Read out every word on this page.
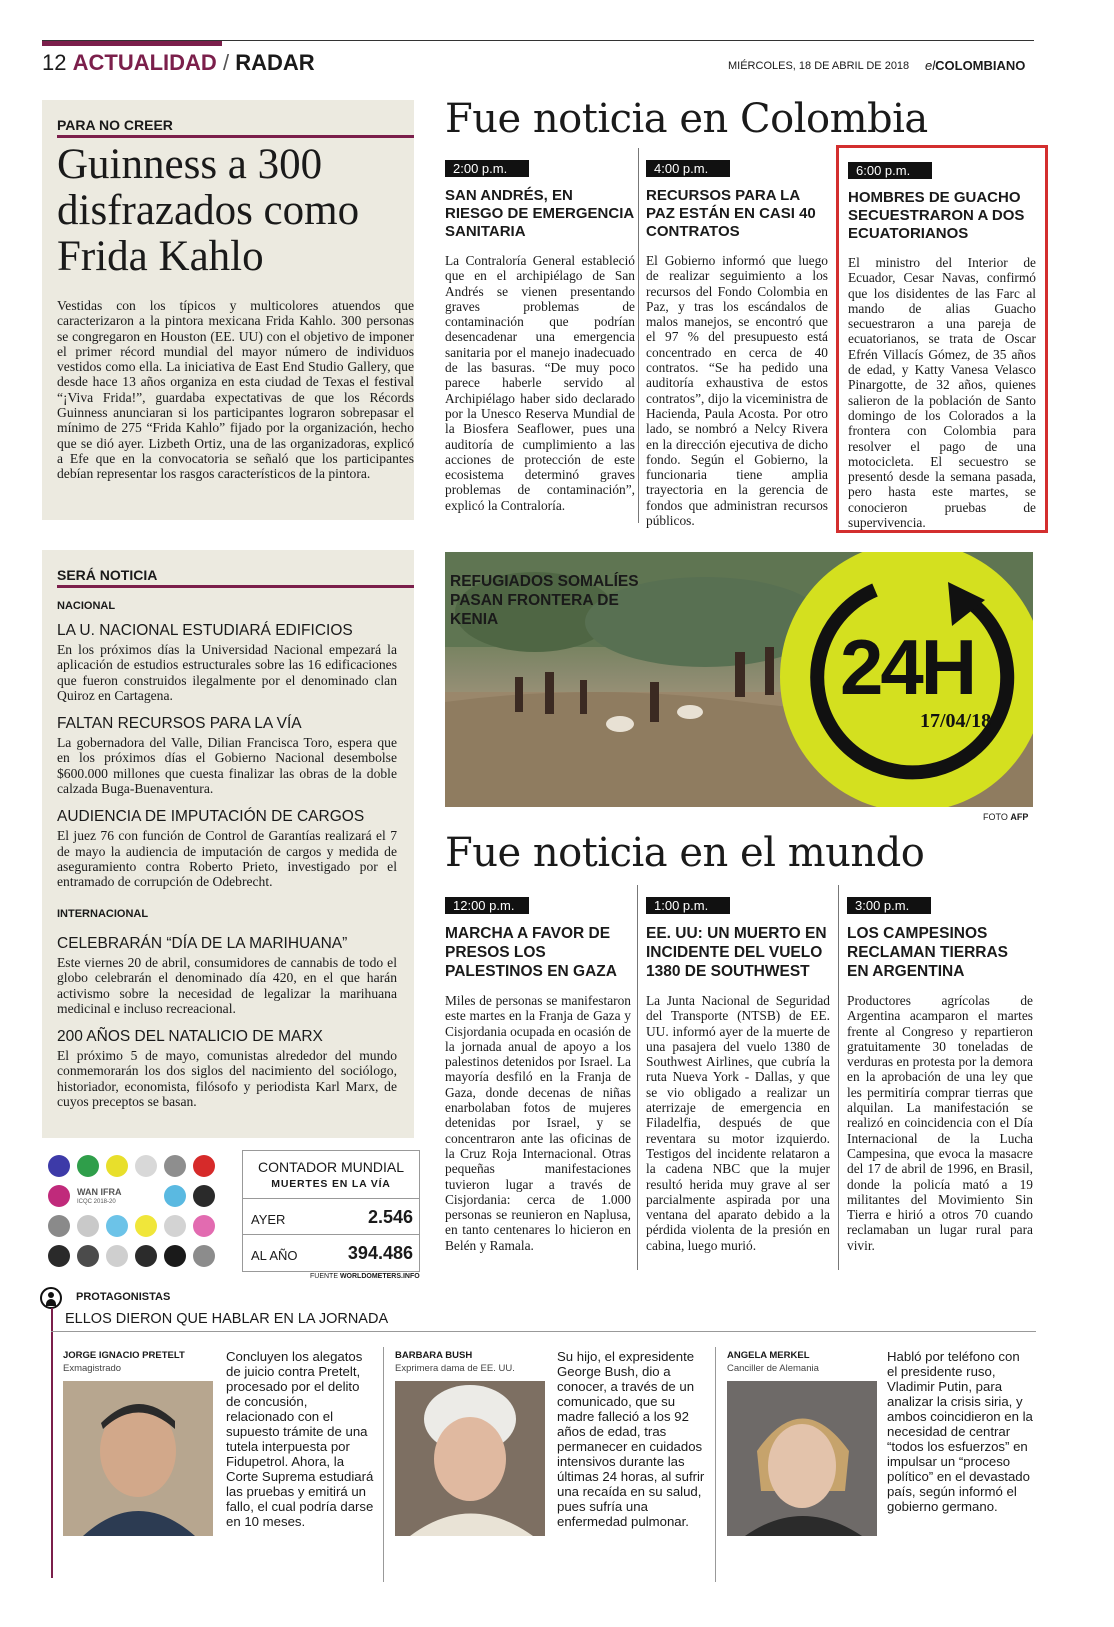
12 ACTUALIDAD / RADAR	MIÉRCOLES, 18 DE ABRIL DE 2018 elCOLOMBIANO
PARA NO CREER
Guinness a 300 disfrazados como Frida Kahlo
Vestidas con los típicos y multicolores atuendos que caracterizaron a la pintora mexicana Frida Kahlo. 300 personas se congregaron en Houston (EE. UU) con el objetivo de imponer el primer récord mundial del mayor número de individuos vestidos como ella. La iniciativa de East End Studio Gallery, que desde hace 13 años organiza en esta ciudad de Texas el festival “¡Viva Frida!”, guardaba expectativas de que los Récords Guinness anunciaran si los participantes lograron sobrepasar el mínimo de 275 “Frida Kahlo” fijado por la organización, hecho que se dió ayer. Lizbeth Ortiz, una de las organizadoras, explicó a Efe que en la convocatoria se señaló que los participantes debían representar los rasgos característicos de la pintora.
Fue noticia en Colombia
2:00 p.m.
SAN ANDRÉS, EN RIESGO DE EMERGENCIA SANITARIA
La Contraloría General estableció que en el archipiélago de San Andrés se vienen presentando graves problemas de contaminación que podrían desencadenar una emergencia sanitaria por el manejo inadecuado de las basuras. “De muy poco parece haberle servido al Archipiélago haber sido declarado por la Unesco Reserva Mundial de la Biosfera Seaflower, pues una auditoría de cumplimiento a las acciones de protección de este ecosistema determinó graves problemas de contaminación”, explicó la Contraloría.
4:00 p.m.
RECURSOS PARA LA PAZ ESTÁN EN CASI 40 CONTRATOS
El Gobierno informó que luego de realizar seguimiento a los recursos del Fondo Colombia en Paz, y tras los escándalos de malos manejos, se encontró que el 97 % del presupuesto está concentrado en cerca de 40 contratos. “Se ha pedido una auditoría exhaustiva de estos contratos”, dijo la viceministra de Hacienda, Paula Acosta. Por otro lado, se nombró a Nelcy Rivera en la dirección ejecutiva de dicho fondo. Según el Gobierno, la funcionaria tiene amplia trayectoria en la gerencia de fondos que administran recursos públicos.
6:00 p.m.
HOMBRES DE GUACHO SECUESTRARON A DOS ECUATORIANOS
El ministro del Interior de Ecuador, Cesar Navas, confirmó que los disidentes de las Farc al mando de alias Guacho secuestraron a una pareja de ecuatorianos, se trata de Oscar Efrén Villacís Gómez, de 35 años de edad, y Katty Vanesa Velasco Pinargotte, de 32 años, quienes salieron de la población de Santo domingo de los Colorados a la frontera con Colombia para resolver el pago de una motocicleta. El secuestro se presentó desde la semana pasada, pero hasta este martes, se conocieron pruebas de supervivencia.
SERÁ NOTICIA
NACIONAL
LA U. NACIONAL ESTUDIARÁ EDIFICIOS
En los próximos días la Universidad Nacional empezará la aplicación de estudios estructurales sobre las 16 edificaciones que fueron construidos ilegalmente por el denominado clan Quiroz en Cartagena.
FALTAN RECURSOS PARA LA VÍA
La gobernadora del Valle, Dilian Francisca Toro, espera que en los próximos días el Gobierno Nacional desembolse $600.000 millones que cuesta finalizar las obras de la doble calzada Buga-Buenaventura.
AUDIENCIA DE IMPUTACIÓN DE CARGOS
El juez 76 con función de Control de Garantías realizará el 7 de mayo la audiencia de imputación de cargos y medida de aseguramiento contra Roberto Prieto, investigado por el entramado de corrupción de Odebrecht.
INTERNACIONAL
CELEBRARÁN “DÍA DE LA MARIHUANA”
Este viernes 20 de abril, consumidores de cannabis de todo el globo celebrarán el denominado día 420, en el que harán activismo sobre la necesidad de legalizar la marihuana medicinal e incluso recreacional.
200 AÑOS DEL NATALICIO DE MARX
El próximo 5 de mayo, comunistas alrededor del mundo conmemorarán los dos siglos del nacimiento del sociólogo, historiador, economista, filósofo y periodista Karl Marx, de cuyos preceptos se basan.
REFUGIADOS SOMALÍES PASAN FRONTERA DE KENIA
24H
17/04/18
FOTO AFP
Fue noticia en el mundo
12:00 p.m.
MARCHA A FAVOR DE PRESOS LOS PALESTINOS EN GAZA
Miles de personas se manifestaron este martes en la Franja de Gaza y Cisjordania ocupada en ocasión de la jornada anual de apoyo a los palestinos detenidos por Israel. La mayoría desfiló en la Franja de Gaza, donde decenas de niñas enarbolaban fotos de mujeres detenidas por Israel, y se concentraron ante las oficinas de la Cruz Roja Internacional. Otras pequeñas manifestaciones tuvieron lugar a través de Cisjordania: cerca de 1.000 personas se reunieron en Naplusa, en tanto centenares lo hicieron en Belén y Ramala.
1:00 p.m.
EE. UU: UN MUERTO EN INCIDENTE DEL VUELO 1380 DE SOUTHWEST
La Junta Nacional de Seguridad del Transporte (NTSB) de EE. UU. informó ayer de la muerte de una pasajera del vuelo 1380 de Southwest Airlines, que cubría la ruta Nueva York - Dallas, y que se vio obligado a realizar un aterrizaje de emergencia en Filadelfia, después de que reventara su motor izquierdo. Testigos del incidente relataron a la cadena NBC que la mujer resultó herida muy grave al ser parcialmente aspirada por una ventana del aparato debido a la pérdida violenta de la presión en cabina, luego murió.
3:00 p.m.
LOS CAMPESINOS RECLAMAN TIERRAS EN ARGENTINA
Productores agrícolas de Argentina acamparon el martes frente al Congreso y repartieron gratuitamente 30 toneladas de verduras en protesta por la demora en la aprobación de una ley que les permitiría comprar tierras que alquilan. La manifestación se realizó en coincidencia con el Día Internacional de la Lucha Campesina, que evoca la masacre del 17 de abril de 1996, en Brasil, donde la policía mató a 19 militantes del Movimiento Sin Tierra e hirió a otros 70 cuando reclamaban un lugar rural para vivir.
WAN IFRA
ICQC 2018-20
CONTADOR MUNDIAL
MUERTES EN LA VÍA
AYER	2.546
AL AÑO	394.486
FUENTE WORLDOMETERS.INFO
PROTAGONISTAS
ELLOS DIERON QUE HABLAR EN LA JORNADA
JORGE IGNACIO PRETELT
Exmagistrado
Concluyen los alegatos de juicio contra Pretelt, procesado por el delito de concusión, relacionado con el supuesto trámite de una tutela interpuesta por Fidupetrol. Ahora, la Corte Suprema estudiará las pruebas y emitirá un fallo, el cual podría darse en 10 meses.
BARBARA BUSH
Exprimera dama de EE. UU.
Su hijo, el expresidente George Bush, dio a conocer, a través de un comunicado, que su madre falleció a los 92 años de edad, tras permanecer en cuidados intensivos durante las últimas 24 horas, al sufrir una recaída en su salud, pues sufría una enfermedad pulmonar.
ANGELA MERKEL
Canciller de Alemania
Habló por teléfono con el presidente ruso, Vladimir Putin, para analizar la crisis siria, y ambos coincidieron en la necesidad de centrar “todos los esfuerzos” en impulsar un “proceso político” en el devastado país, según informó el gobierno germano.
